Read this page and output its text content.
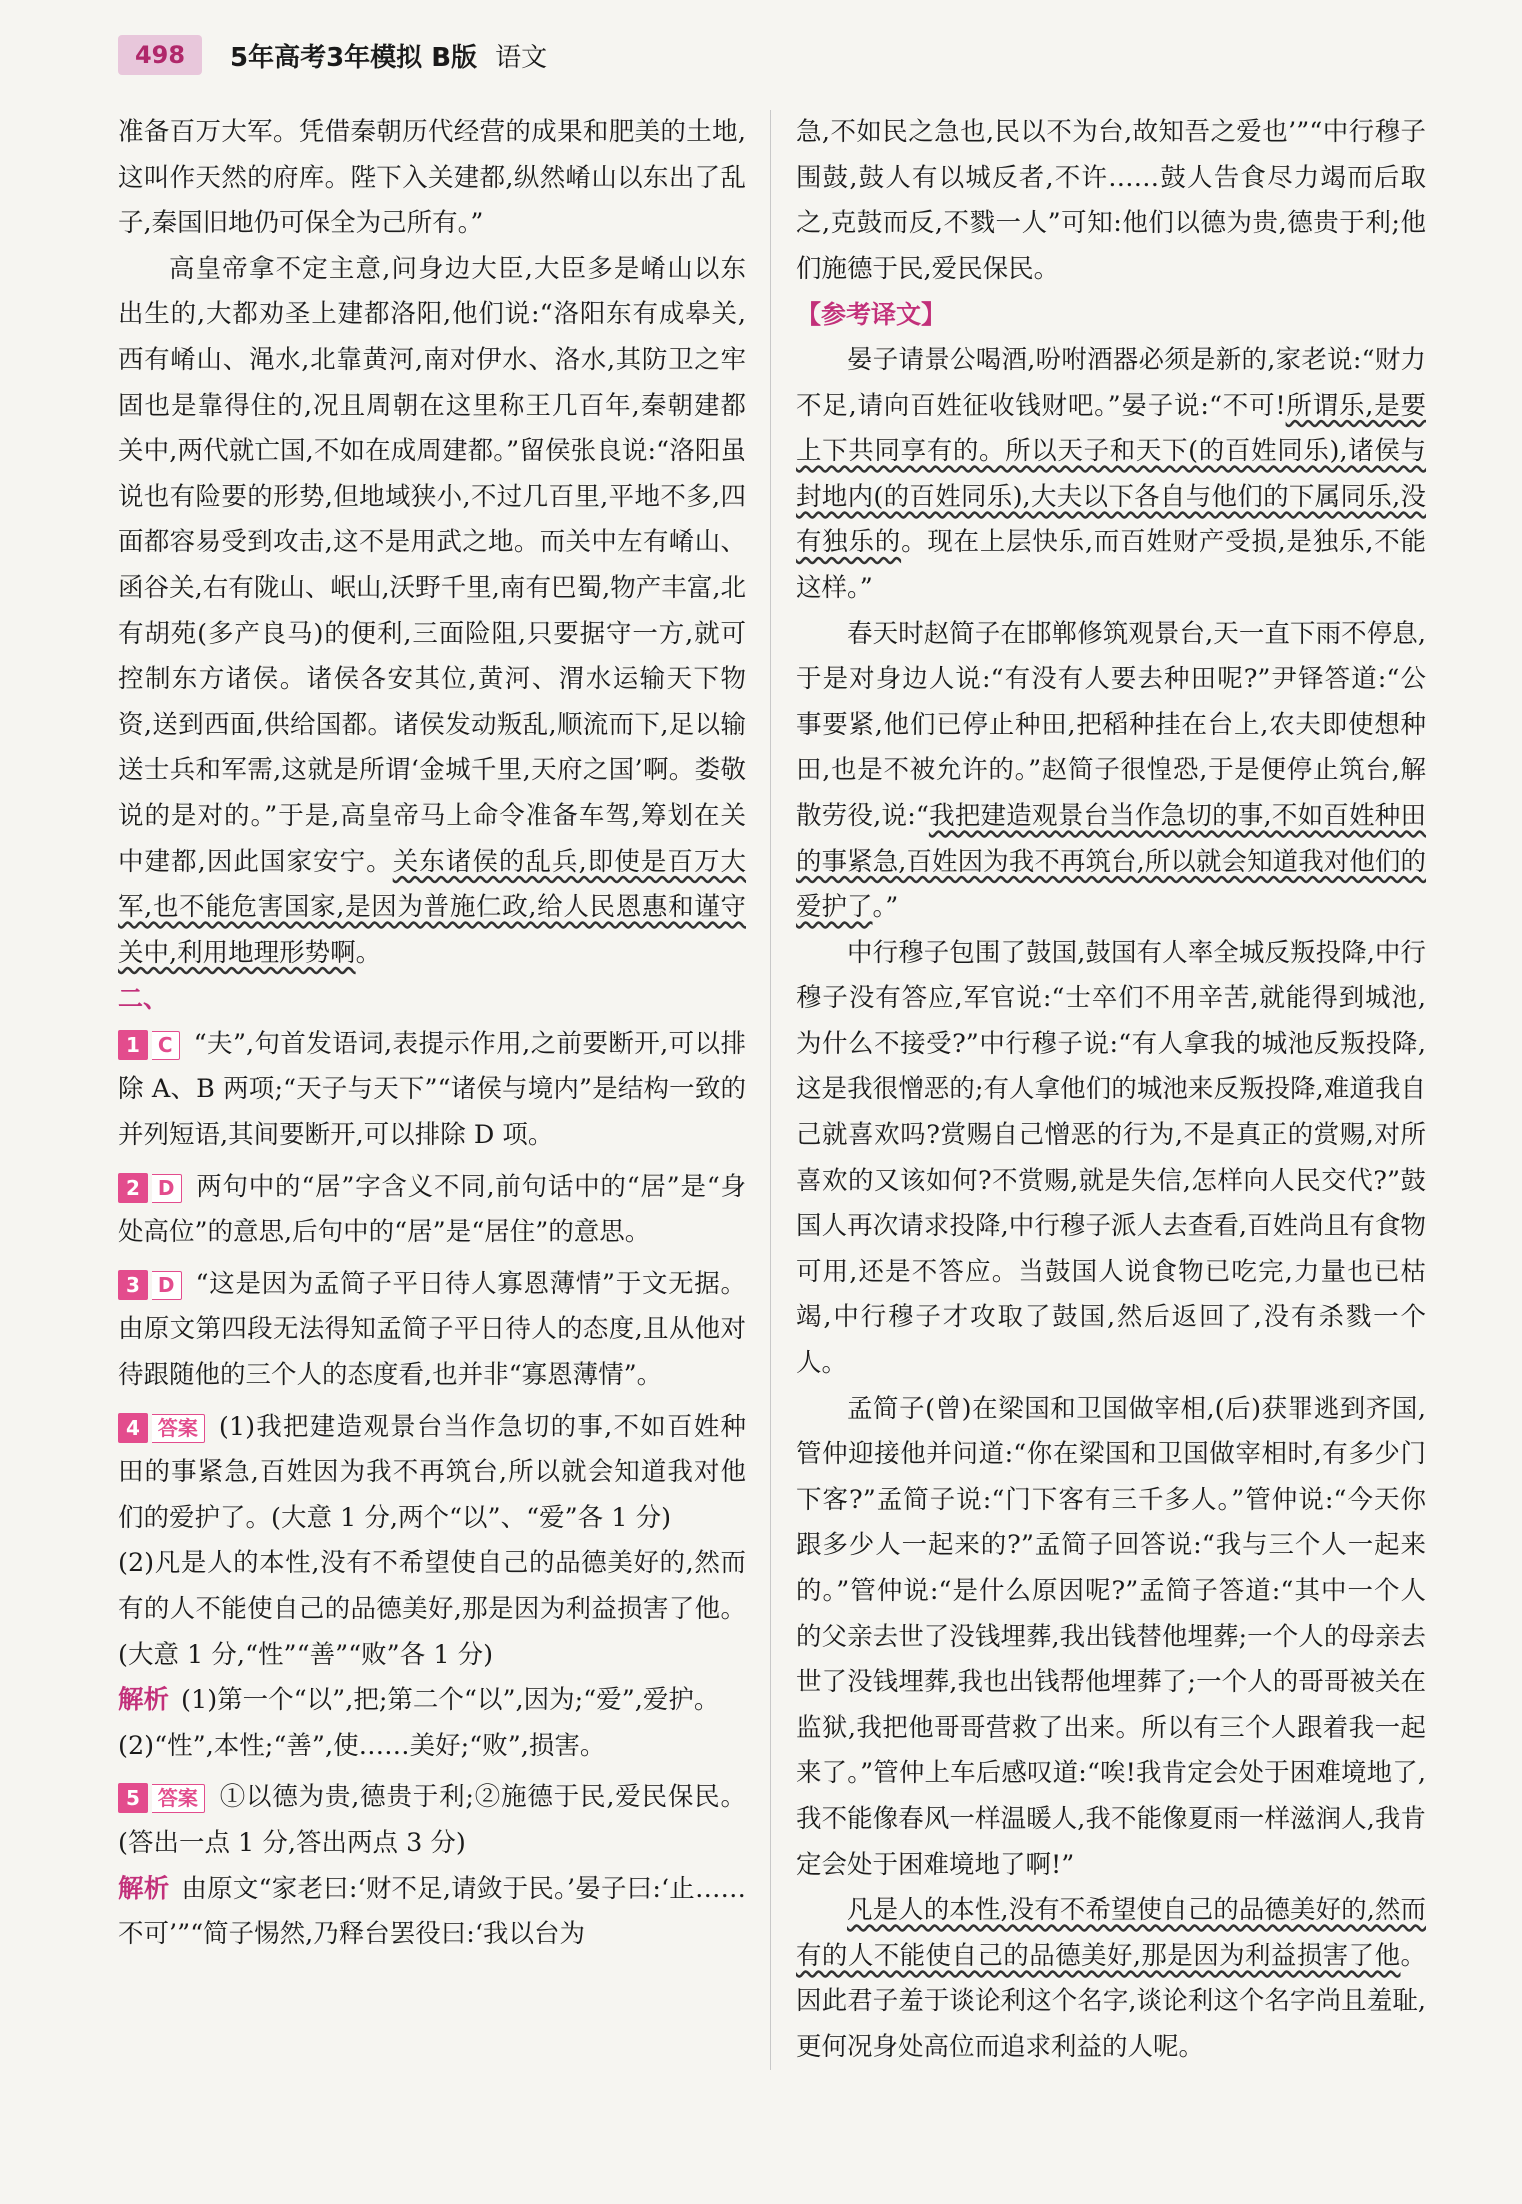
498	5年高考3年模拟 B版 语文

准备百万大军。凭借秦朝历代经营的成果和肥美的土地,这叫作天然的府库。陛下入关建都,纵然崤山以东出了乱子,秦国旧地仍可保全为己所有。”

高皇帝拿不定主意,问身边大臣,大臣多是崤山以东出生的,大都劝圣上建都洛阳,他们说:“洛阳东有成皋关,西有崤山、渑水,北靠黄河,南对伊水、洛水,其防卫之牢固也是靠得住的,况且周朝在这里称王几百年,秦朝建都关中,两代就亡国,不如在成周建都。”留侯张良说:“洛阳虽说也有险要的形势,但地域狭小,不过几百里,平地不多,四面都容易受到攻击,这不是用武之地。而关中左有崤山、函谷关,右有陇山、岷山,沃野千里,南有巴蜀,物产丰富,北有胡苑(多产良马)的便利,三面险阻,只要据守一方,就可控制东方诸侯。诸侯各安其位,黄河、渭水运输天下物资,送到西面,供给国都。诸侯发动叛乱,顺流而下,足以输送士兵和军需,这就是所谓‘金城千里,天府之国’啊。娄敬说的是对的。”于是,高皇帝马上命令准备车驾,筹划在关中建都,因此国家安宁。关东诸侯的乱兵,即使是百万大军,也不能危害国家,是因为普施仁政,给人民恩惠和谨守关中,利用地理形势啊。

二、

1 C “夫”,句首发语词,表提示作用,之前要断开,可以排除 A、B 两项;“天子与天下”“诸侯与境内”是结构一致的并列短语,其间要断开,可以排除 D 项。

2 D 两句中的“居”字含义不同,前句话中的“居”是“身处高位”的意思,后句中的“居”是“居住”的意思。

3 D “这是因为孟简子平日待人寡恩薄情”于文无据。由原文第四段无法得知孟简子平日待人的态度,且从他对待跟随他的三个人的态度看,也并非“寡恩薄情”。

4 答案 (1)我把建造观景台当作急切的事,不如百姓种田的事紧急,百姓因为我不再筑台,所以就会知道我对他们的爱护了。(大意 1 分,两个“以”、“爱”各 1 分)

(2)凡是人的本性,没有不希望使自己的品德美好的,然而有的人不能使自己的品德美好,那是因为利益损害了他。(大意 1 分,“性”“善”“败”各 1 分)

解析 (1)第一个“以”,把;第二个“以”,因为;“爱”,爱护。

(2)“性”,本性;“善”,使……美好;“败”,损害。

5 答案 ①以德为贵,德贵于利;②施德于民,爱民保民。(答出一点 1 分,答出两点 3 分)

解析 由原文“家老曰:‘财不足,请敛于民。’晏子曰:‘止……不可’”“简子惕然,乃释台罢役曰:‘我以台为

急,不如民之急也,民以不为台,故知吾之爱也’”“中行穆子围鼓,鼓人有以城反者,不许……鼓人告食尽力竭而后取之,克鼓而反,不戮一人”可知:他们以德为贵,德贵于利;他们施德于民,爱民保民。

【参考译文】

晏子请景公喝酒,吩咐酒器必须是新的,家老说:“财力不足,请向百姓征收钱财吧。”晏子说:“不可!所谓乐,是要上下共同享有的。所以天子和天下(的百姓同乐),诸侯与封地内(的百姓同乐),大夫以下各自与他们的下属同乐,没有独乐的。现在上层快乐,而百姓财产受损,是独乐,不能这样。”

春天时赵简子在邯郸修筑观景台,天一直下雨不停息,于是对身边人说:“有没有人要去种田呢?”尹铎答道:“公事要紧,他们已停止种田,把稻种挂在台上,农夫即使想种田,也是不被允许的。”赵简子很惶恐,于是便停止筑台,解散劳役,说:“我把建造观景台当作急切的事,不如百姓种田的事紧急,百姓因为我不再筑台,所以就会知道我对他们的爱护了。”

中行穆子包围了鼓国,鼓国有人率全城反叛投降,中行穆子没有答应,军官说:“士卒们不用辛苦,就能得到城池,为什么不接受?”中行穆子说:“有人拿我的城池反叛投降,这是我很憎恶的;有人拿他们的城池来反叛投降,难道我自己就喜欢吗?赏赐自己憎恶的行为,不是真正的赏赐,对所喜欢的又该如何?不赏赐,就是失信,怎样向人民交代?”鼓国人再次请求投降,中行穆子派人去查看,百姓尚且有食物可用,还是不答应。当鼓国人说食物已吃完,力量也已枯竭,中行穆子才攻取了鼓国,然后返回了,没有杀戮一个人。

孟简子(曾)在梁国和卫国做宰相,(后)获罪逃到齐国,管仲迎接他并问道:“你在梁国和卫国做宰相时,有多少门下客?”孟简子说:“门下客有三千多人。”管仲说:“今天你跟多少人一起来的?”孟简子回答说:“我与三个人一起来的。”管仲说:“是什么原因呢?”孟简子答道:“其中一个人的父亲去世了没钱埋葬,我出钱替他埋葬;一个人的母亲去世了没钱埋葬,我也出钱帮他埋葬了;一个人的哥哥被关在监狱,我把他哥哥营救了出来。所以有三个人跟着我一起来了。”管仲上车后感叹道:“唉!我肯定会处于困难境地了,我不能像春风一样温暖人,我不能像夏雨一样滋润人,我肯定会处于困难境地了啊!”

凡是人的本性,没有不希望使自己的品德美好的,然而有的人不能使自己的品德美好,那是因为利益损害了他。因此君子羞于谈论利这个名字,谈论利这个名字尚且羞耻,更何况身处高位而追求利益的人呢。
